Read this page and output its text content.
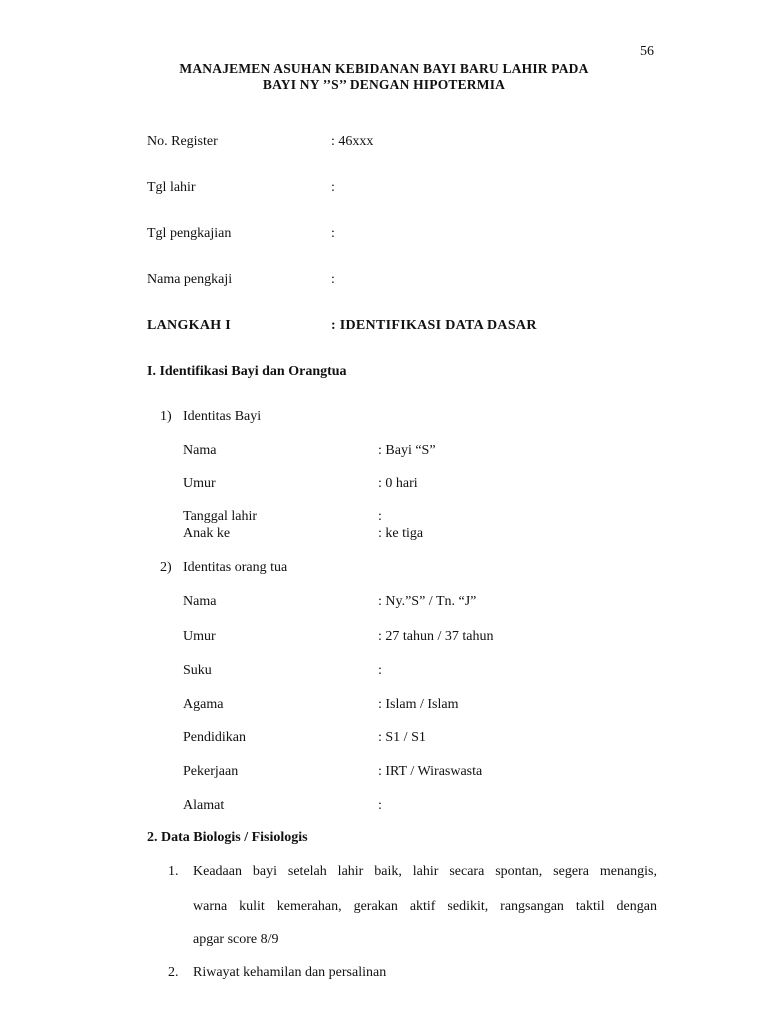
56
MANAJEMEN ASUHAN KEBIDANAN BAYI BARU LAHIR PADA
BAYI NY ’’S’’ DENGAN HIPOTERMIA
No. Register	: 46xxx
Tgl lahir	:
Tgl pengkajian	:
Nama pengkaji	:
LANGKAH I	: IDENTIFIKASI DATA DASAR
I. Identifikasi Bayi dan Orangtua
1) Identitas Bayi
Nama	: Bayi “S”
Umur	: 0 hari
Tanggal lahir	:
Anak ke	: ke tiga
2) Identitas orang tua
Nama	: Ny.”S” / Tn. “J”
Umur	: 27 tahun / 37 tahun
Suku	:
Agama	: Islam / Islam
Pendidikan	: S1 / S1
Pekerjaan	: IRT / Wiraswasta
Alamat	:
2. Data Biologis / Fisiologis
1. Keadaan bayi setelah lahir baik, lahir secara spontan, segera menangis,
warna kulit kemerahan, gerakan aktif sedikit, rangsangan taktil dengan
apgar score 8/9
2. Riwayat kehamilan dan persalinan
